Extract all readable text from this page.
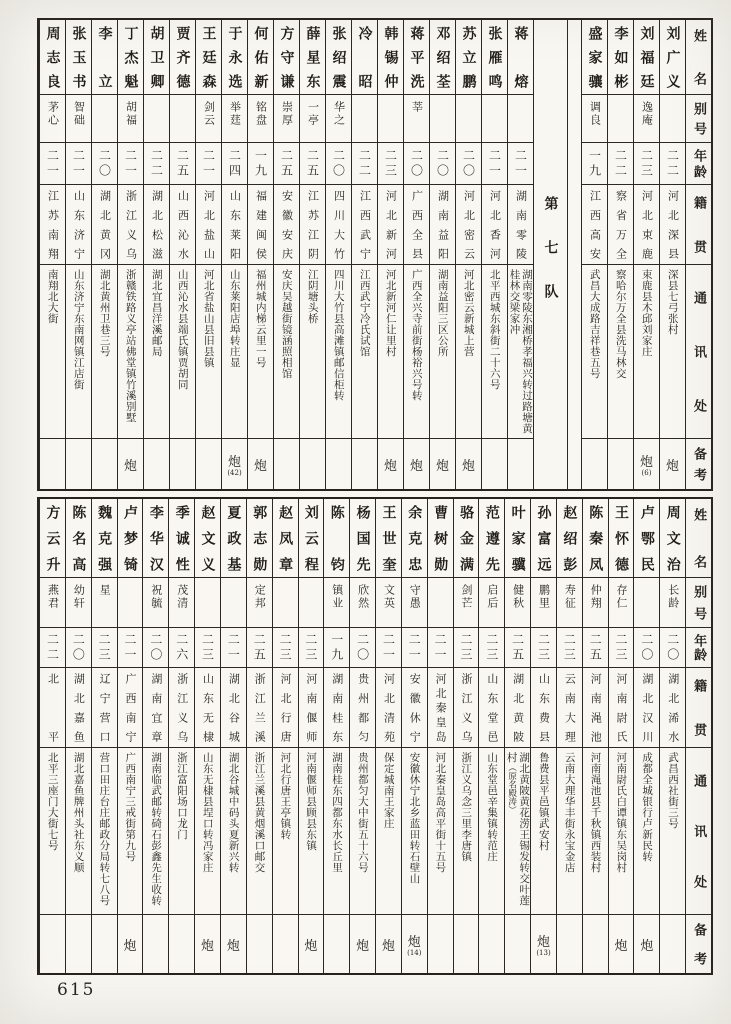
姓名
别号
年龄
籍贯
通讯处
备考
刘广义
二二
河北深县
深县七弓张村
炮
刘福廷
逸庵
二三
河北束鹿
束鹿县木邱刘家庄
炮
(6)
李如彬
二二
察省万全
察哈尔万全县洗马林交
盛家骧
调良
一九
江西高安
武昌大成路吉祥巷五号
第七队
蒋熔
二一
湖南零陵
湖南零陵东湘桥孝福兴转过路塘黄桂林交梁家冲
张雁鸣
二一
河北香河
北平西城东斜街二十六号
苏立鹏
二〇
河北密云
河北密云新城上营
炮
邓绍荃
二〇
湖南益阳
湖南益阳三区公所
炮
蒋平洗
莘
二〇
广西全县
广西全兴寺前街杨裕兴号转
炮
韩锡仲
二三
河北新河
河北新河仁让里村
炮
冷昭
二二
江西武宁
江西武宁冷氏试馆
张绍震
华之
二〇
四川大竹
四川大竹县高滩镇邮信柜转
薛星东
一亭
二五
江苏江阴
江阴塘头桥
方守谦
崇厚
二五
安徽安庆
安庆吴越街镜涵照相馆
何佑新
铭盘
一九
福建闽侯
福州城内梯云里一号
炮
于永选
举莛
二四
山东莱阳
山东莱阳店埠转庄显
炮
(42)
王廷森
剑云
二一
河北盐山
河北省盐山县旧县镇
贾齐德
二五
山西沁水
山西沁水县端氏镇贾胡同
胡卫卿
二二
湖北松滋
湖北宜昌洋溪邮局
丁杰魁
胡福
二一
浙江义乌
浙赣铁路义亭站佛堂镇竹溪别墅
炮
李立
二〇
湖北黄冈
湖北黄州卫巷三号
张玉书
智础
二一
山东济宁
山东济宁东南网镇江店街
周志良
茅心
二一
江苏南翔
南翔北大街
姓名
别号
年龄
籍贯
通讯处
备考
周文治
长龄
二〇
湖北浠水
武昌西社街三号
卢鄂民
二〇
湖北汉川
成都全城银行卢新民转
炮
王怀德
存仁
二三
河南尉氏
河南尉氏白谭镇东吴岗村
炮
陈秦凤
仲翔
二五
河南渑池
河南渑池县千秋镇西装村
赵绍彭
寿征
二三
云南大理
云南大理华丰街永宝金店
孙富远
鹏里
二三
山东费县
鲁费县平邑镇武安村
炮
(13)
叶家骥
健秋
二五
湖北黄陂
湖北黄陂黄花涝王锡发转交叶莲村（原名殿涛）
范遵先
启后
二三
山东堂邑
山东堂邑辛集镇转范庄
骆金满
剑芒
二三
浙江义乌
浙江义乌念三里李唐镇
曹树勋
二一
河北秦皇岛
河北秦皇岛高平街十五号
余克忠
守愚
二一
安徽休宁
安徽休宁北乡蓝田转石壁山
炮
(14)
王世奎
文英
二一
河北清苑
保定城南王家庄
炮
杨国先
欣然
二〇
贵州都匀
贵州都匀大中街五十六号
炮
陈钧
镇业
一九
湖南桂东
湖南桂东四都东水长丘里
刘云程
二三
河南偃师
河南偃师县顾县东镇
炮
赵凤章
二三
河北行唐
河北行唐王亭镇转
郭志勋
定邦
二五
浙江兰溪
浙江兰溪县黄烟溪口邮交
夏政基
二一
湖北谷城
湖北谷城中码头夏新兴转
炮
赵文义
二三
山东无棣
山东无棣县埕口转冯家庄
炮
季诚性
茂清
二六
浙江义乌
浙江富阳场口龙门
李华汉
祝毓
二〇
湖南宜章
湖南临武邮转碕石彭鑫先生收转
卢梦锜
二一
广西南宁
广西南宁三戒街第九号
炮
魏克强
星
二三
辽宁营口
营口田庄台庄邮政分局转七八号
陈名高
幼轩
二〇
湖北嘉鱼
湖北嘉鱼牌州头社东义顺
方云升
燕君
二二
北平
北平三座门大街七号
615
